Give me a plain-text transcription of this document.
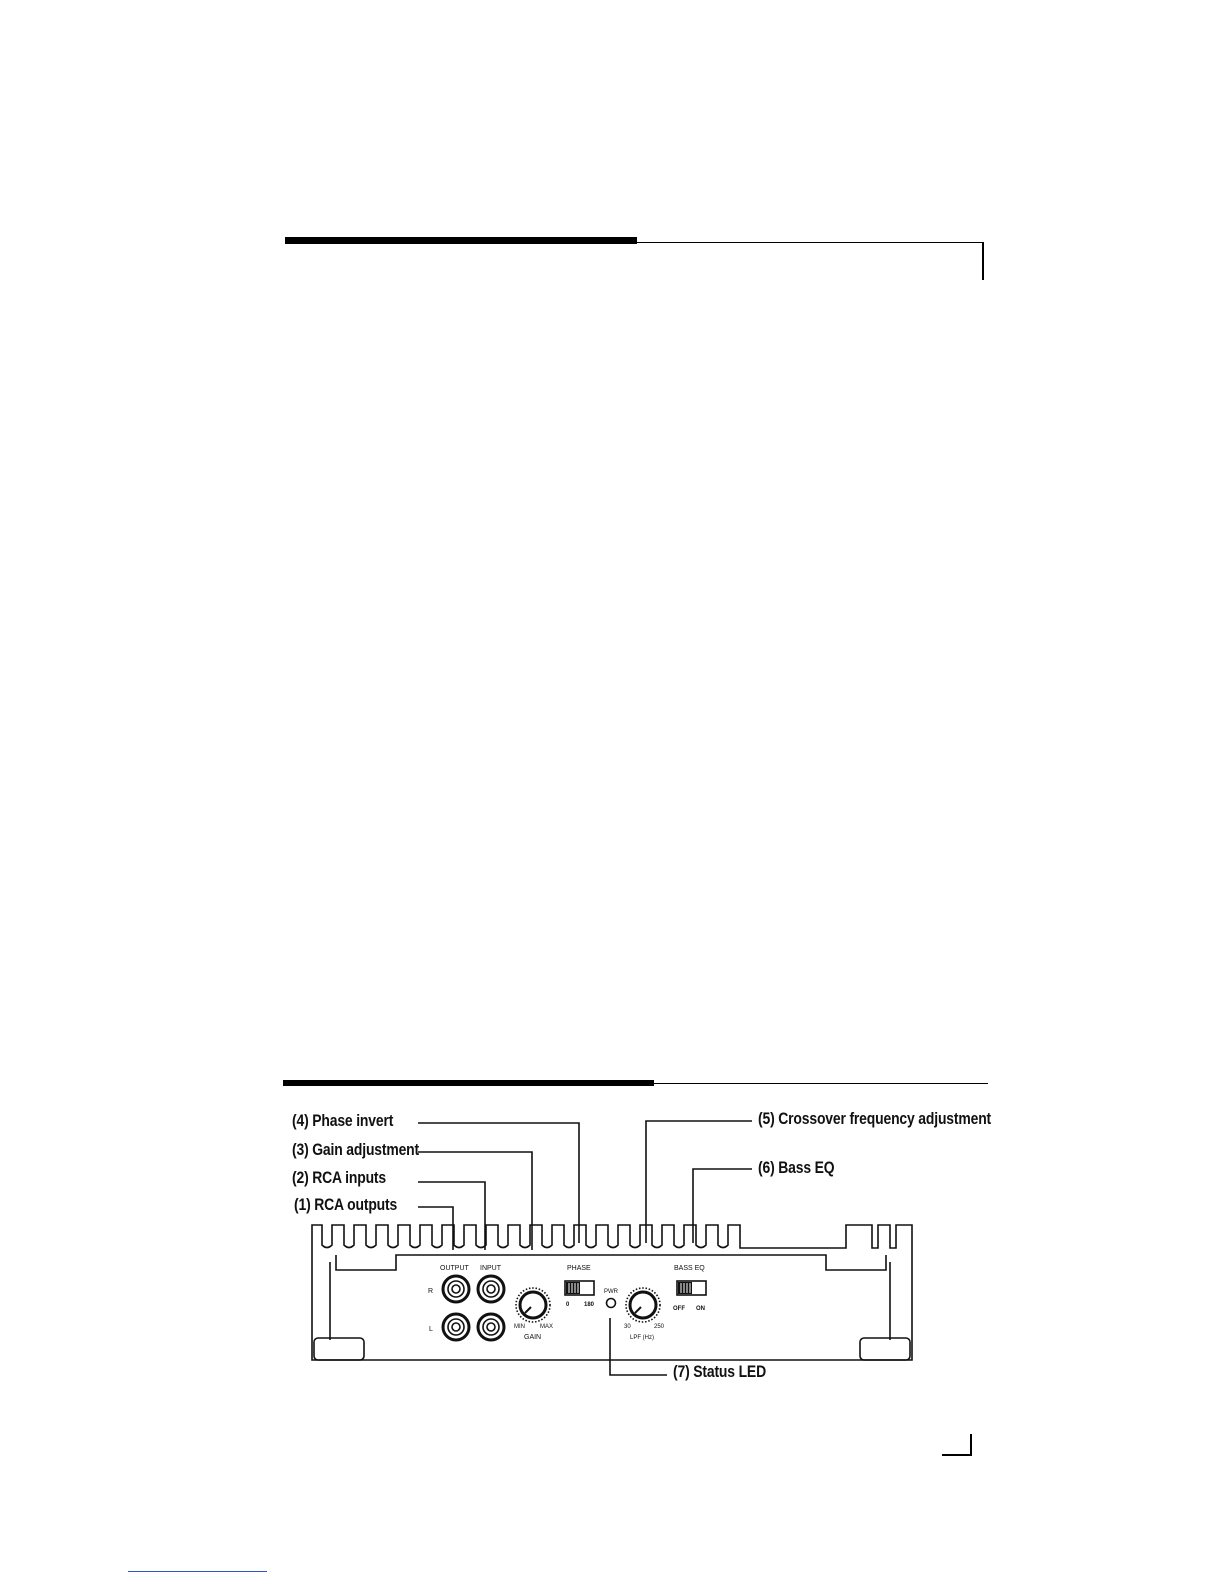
(4) Phase invert
(3) Gain adjustment
(2) RCA inputs
(1) RCA outputs
(5) Crossover frequency adjustment
(6) Bass EQ
(7) Status LED
OUTPUT INPUT	PHASE	BASS EQ
R
L
0 180
PWR
OFF ON
MIN	MAX
GAIN
30	250
LPF (Hz)
